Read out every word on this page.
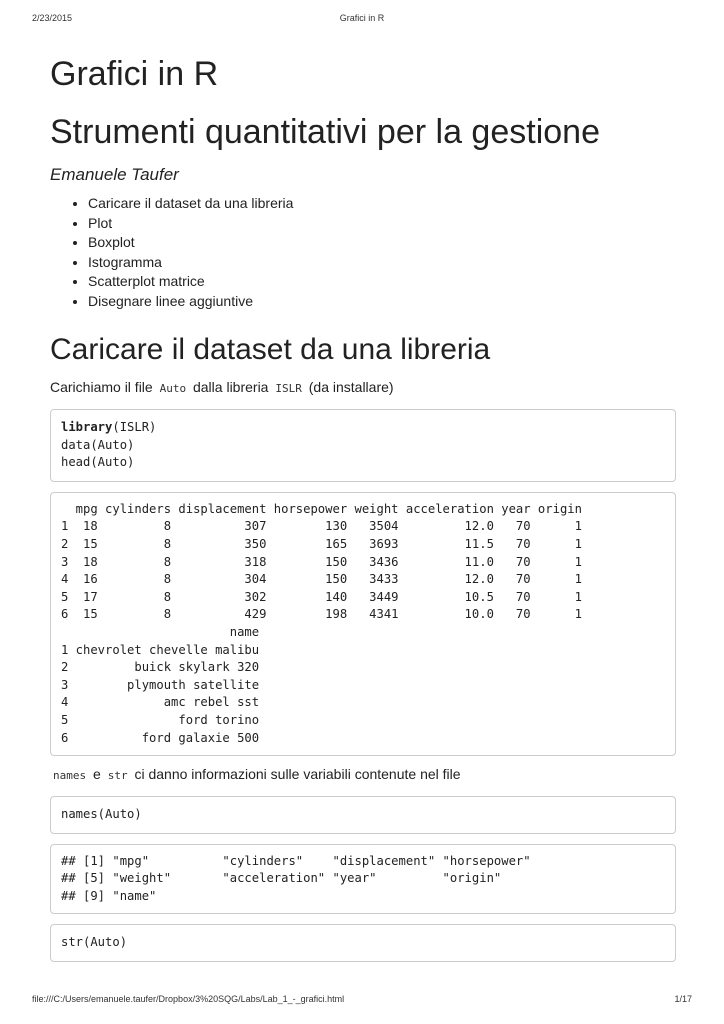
2/23/2015	Grafici in R
Grafici in R
Strumenti quantitativi per la gestione
Emanuele Taufer
• Caricare il dataset da una libreria
• Plot
• Boxplot
• Istogramma
• Scatterplot matrice
• Disegnare linee aggiuntive
Caricare il dataset da una libreria

Carichiamo il file Auto dalla libreria ISLR (da installare)

library(ISLR)
data(Auto)
head(Auto)
mpg cylinders displacement horsepower weight acceleration year origin
1  18         8          307        130   3504         12.0   70      1
2  15         8          350        165   3693         11.5   70      1
3  18         8          318        150   3436         11.0   70      1
4  16         8          304        150   3433         12.0   70      1
5  17         8          302        140   3449         10.5   70      1
6  15         8          429        198   4341         10.0   70      1
name
1 chevrolet chevelle malibu
2         buick skylark 320
3        plymouth satellite
4             amc rebel sst
5               ford torino
6          ford galaxie 500

names e str ci danno informazioni sulle variabili contenute nel file

names(Auto)
## [1] "mpg"          "cylinders"    "displacement" "horsepower"
## [5] "weight"       "acceleration" "year"         "origin"
## [9] "name"
str(Auto)
file:///C:/Users/emanuele.taufer/Dropbox/3%20SQG/Labs/Lab_1_-_grafici.html	1/17
